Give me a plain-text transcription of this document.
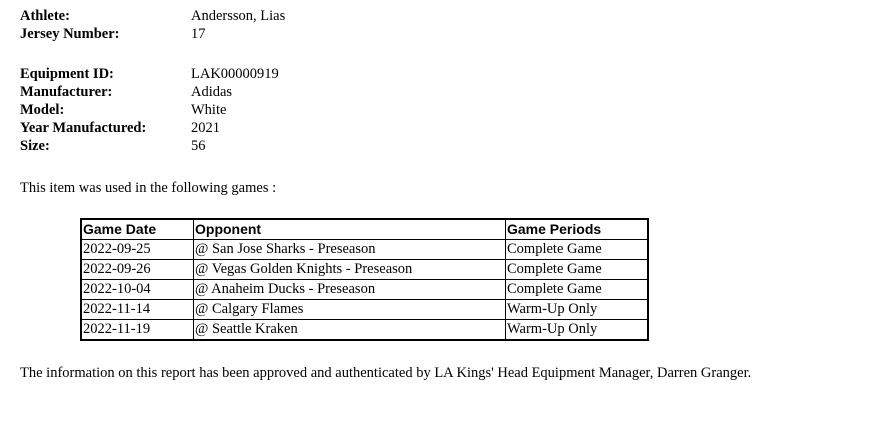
Athlete:	Andersson, Lias
Jersey Number:	17
Equipment ID:	LAK00000919
Manufacturer:	Adidas
Model:	White
Year Manufactured:	2021
Size:	56
This item was used in the following games :
Game Date	Opponent	Game Periods
2022-09-25	@ San Jose Sharks - Preseason	Complete Game
2022-09-26	@ Vegas Golden Knights - Preseason	Complete Game
2022-10-04	@ Anaheim Ducks - Preseason	Complete Game
2022-11-14	@ Calgary Flames	Warm-Up Only
2022-11-19	@ Seattle Kraken	Warm-Up Only
The information on this report has been approved and authenticated by LA Kings' Head Equipment Manager, Darren Granger.
